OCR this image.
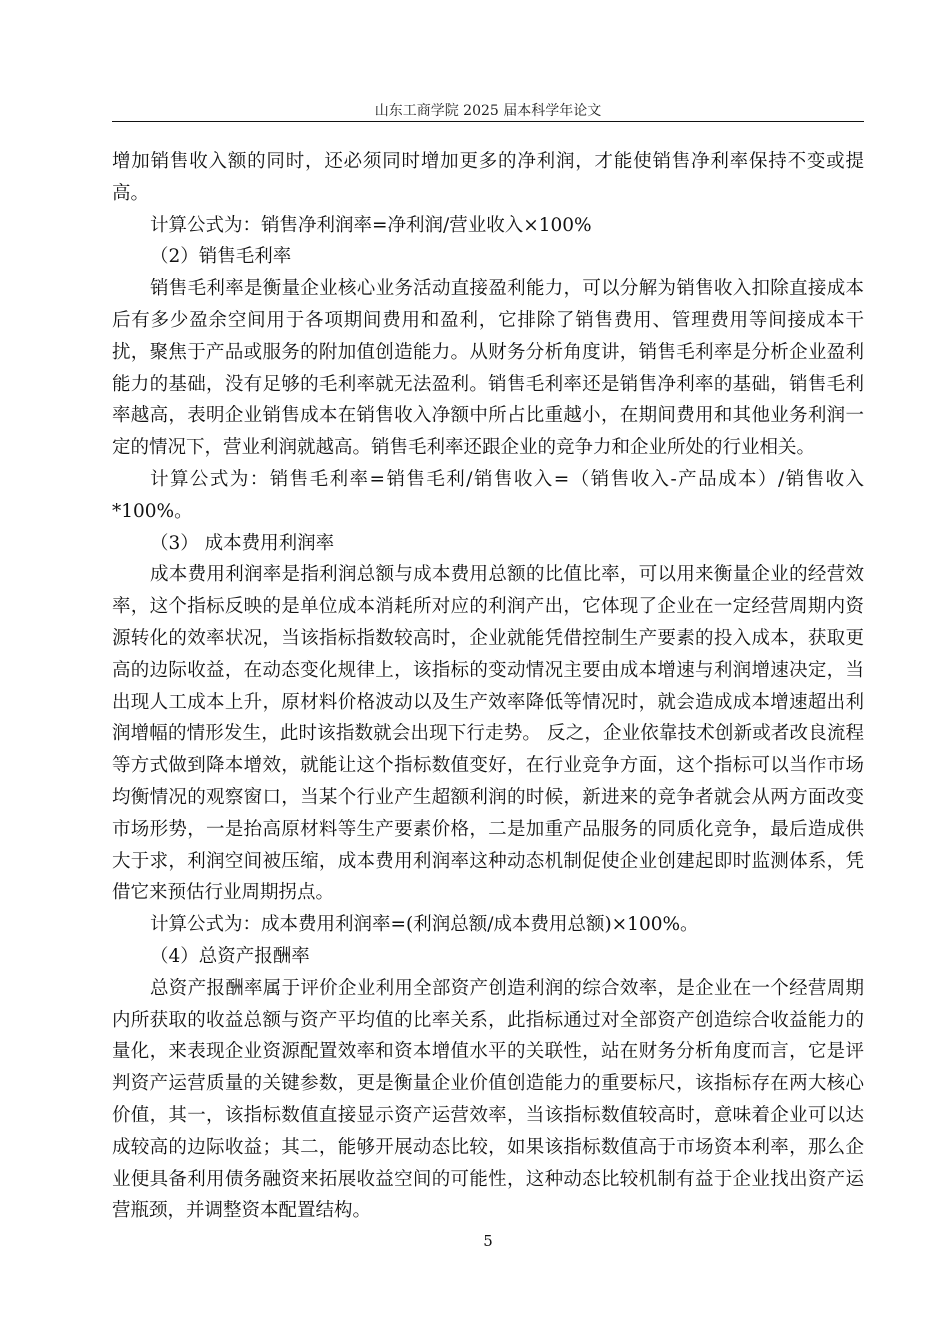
山东工商学院 2025 届本科学年论文

增加销售收入额的同时，还必须同时增加更多的净利润，才能使销售净利率保持不变或提高。

计算公式为：销售净利润率=净利润/营业收入×100%

（2）销售毛利率

销售毛利率是衡量企业核心业务活动直接盈利能力，可以分解为销售收入扣除直接成本后有多少盈余空间用于各项期间费用和盈利，它排除了销售费用、管理费用等间接成本干扰，聚焦于产品或服务的附加值创造能力。从财务分析角度讲，销售毛利率是分析企业盈利能力的基础，没有足够的毛利率就无法盈利。销售毛利率还是销售净利率的基础，销售毛利率越高，表明企业销售成本在销售收入净额中所占比重越小，在期间费用和其他业务利润一定的情况下，营业利润就越高。销售毛利率还跟企业的竞争力和企业所处的行业相关。

计算公式为：销售毛利率=销售毛利/销售收入=（销售收入-产品成本）/销售收入*100%。

（3） 成本费用利润率

成本费用利润率是指利润总额与成本费用总额的比值比率，可以用来衡量企业的经营效率，这个指标反映的是单位成本消耗所对应的利润产出，它体现了企业在一定经营周期内资源转化的效率状况，当该指标指数较高时，企业就能凭借控制生产要素的投入成本，获取更高的边际收益，在动态变化规律上，该指标的变动情况主要由成本增速与利润增速决定，当出现人工成本上升，原材料价格波动以及生产效率降低等情况时，就会造成成本增速超出利润增幅的情形发生，此时该指数就会出现下行走势。 反之，企业依靠技术创新或者改良流程等方式做到降本增效，就能让这个指标数值变好，在行业竞争方面，这个指标可以当作市场均衡情况的观察窗口，当某个行业产生超额利润的时候，新进来的竞争者就会从两方面改变市场形势，一是抬高原材料等生产要素价格，二是加重产品服务的同质化竞争，最后造成供大于求，利润空间被压缩，成本费用利润率这种动态机制促使企业创建起即时监测体系，凭借它来预估行业周期拐点。

计算公式为：成本费用利润率=(利润总额/成本费用总额)×100%。

（4）总资产报酬率

总资产报酬率属于评价企业利用全部资产创造利润的综合效率，是企业在一个经营周期内所获取的收益总额与资产平均值的比率关系，此指标通过对全部资产创造综合收益能力的量化，来表现企业资源配置效率和资本增值水平的关联性，站在财务分析角度而言，它是评判资产运营质量的关键参数，更是衡量企业价值创造能力的重要标尺，该指标存在两大核心价值，其一，该指标数值直接显示资产运营效率，当该指标数值较高时，意味着企业可以达成较高的边际收益；其二，能够开展动态比较，如果该指标数值高于市场资本利率，那么企业便具备利用债务融资来拓展收益空间的可能性，这种动态比较机制有益于企业找出资产运营瓶颈，并调整资本配置结构。

5
